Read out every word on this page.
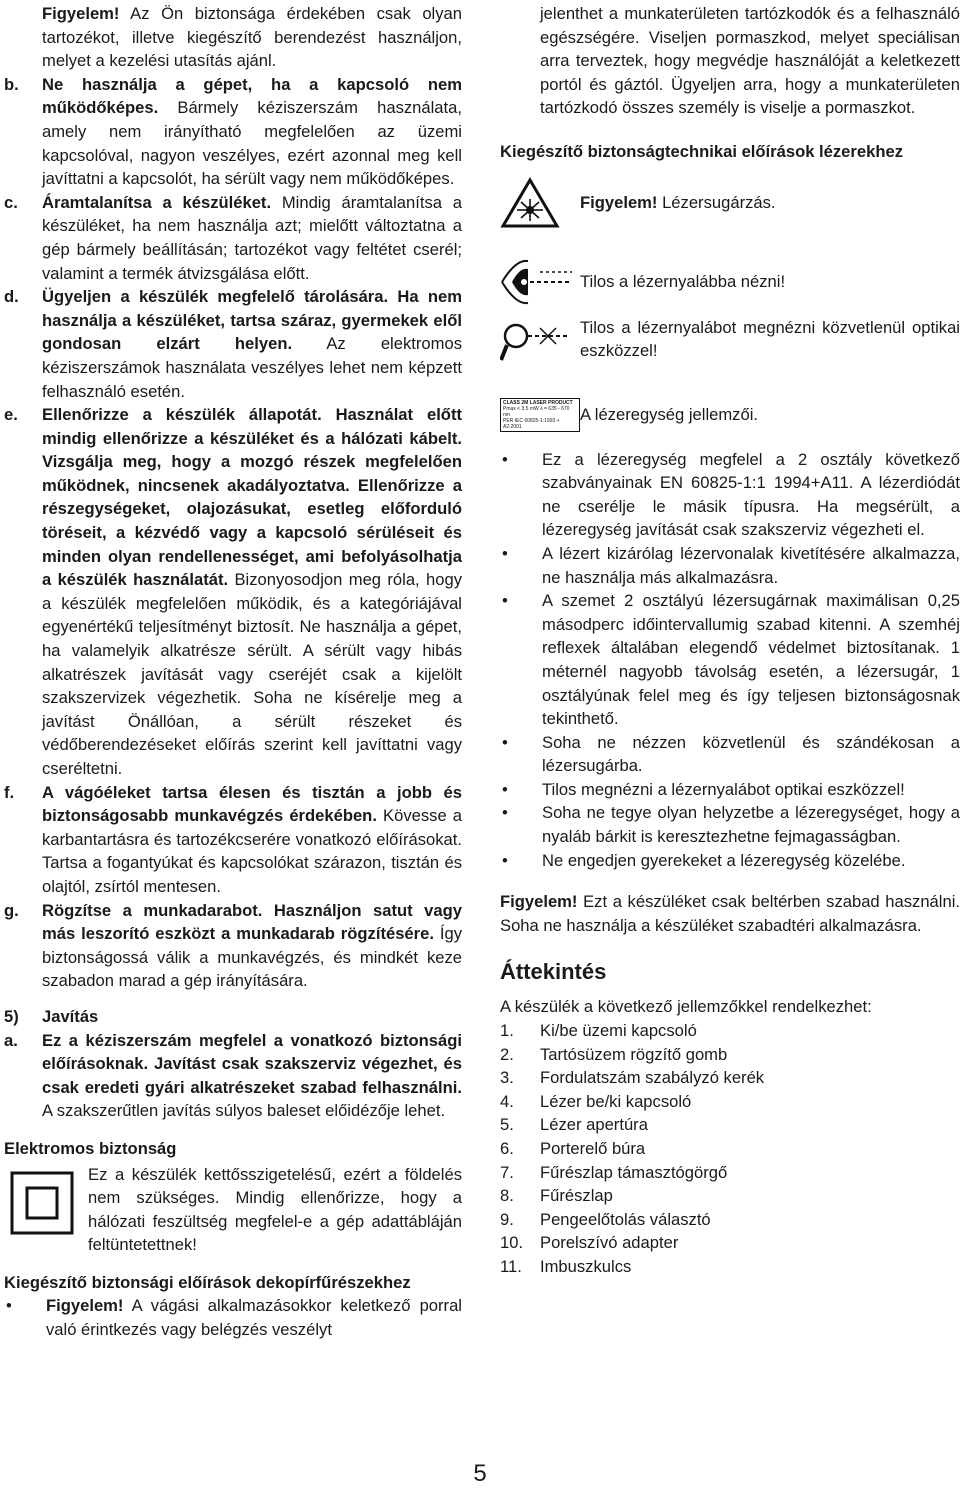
Figyelem! Az Ön biztonsága érdekében csak olyan tartozékot, illetve kiegészítő berendezést használjon, melyet a kezelési utasítás ajánl.

b.	Ne használja a gépet, ha a kapcsoló nem működőképes. Bármely kéziszerszám használata, amely nem irányítható megfelelően az üzemi kapcsolóval, nagyon veszélyes, ezért azonnal meg kell javíttatni a kapcsolót, ha sérült vagy nem működőképes.

c.	Áramtalanítsa a készüléket. Mindig áramtalanítsa a készüléket, ha nem használja azt; mielőtt változtatna a gép bármely beállításán; tartozékot vagy feltétet cserél; valamint a termék átvizsgálása előtt.

d.	Ügyeljen a készülék megfelelő tárolására. Ha nem használja a készüléket, tartsa száraz, gyermekek elől gondosan elzárt helyen. Az elektromos kéziszerszámok használata veszélyes lehet nem képzett felhasználó esetén.

e.	Ellenőrizze a készülék állapotát. Használat előtt mindig ellenőrizze a készüléket és a hálózati kábelt. Vizsgálja meg, hogy a mozgó részek megfelelően működnek, nincsenek akadályoztatva. Ellenőrizze a részegységeket, olajozásukat, esetleg előforduló töréseit, a kézvédő vagy a kapcsoló sérüléseit és minden olyan rendellenességet, ami befolyásolhatja a készülék használatát. Bizonyosodjon meg róla, hogy a készülék megfelelően működik, és a kategóriájával egyenértékű teljesítményt biztosít. Ne használja a gépet, ha valamelyik alkatrésze sérült. A sérült vagy hibás alkatrészek javítását vagy cseréjét csak a kijelölt szakszervizek végezhetik. Soha ne kísérelje meg a javítást Önállóan, a sérült részeket és védőberendezéseket előírás szerint kell javíttatni vagy cseréltetni.

f.	A vágóéleket tartsa élesen és tisztán a jobb és biztonságosabb munkavégzés érdekében. Kövesse a karbantartásra és tartozékcserére vonatkozó előírásokat. Tartsa a fogantyúkat és kapcsolókat szárazon, tisztán és olajtól, zsírtól mentesen.

g.	Rögzítse a munkadarabot. Használjon satut vagy más leszorító eszközt a munkadarab rögzítésére. Így biztonságossá válik a munkavégzés, és mindkét keze szabadon marad a gép irányítására.

5)	Javítás
a.	Ez a kéziszerszám megfelel a vonatkozó biztonsági előírásoknak. Javítást csak szakszerviz végezhet, és csak eredeti gyári alkatrészeket szabad felhasználni. A szakszerűtlen javítás súlyos baleset előidézője lehet.

Elektromos biztonság

Ez a készülék kettősszigetelésű, ezért a földelés nem szükséges. Mindig ellenőrizze, hogy a hálózati feszültség megfelel-e a gép adattábláján feltüntetettnek!

Kiegészítő biztonsági előírások dekopírfűrészekhez

•	Figyelem! A vágási alkalmazásokkor keletkező porral való érintkezés vagy belégzés veszélyt

jelenthet a munkaterületen tartózkodók és a felhasználó egészségére. Viseljen pormaszkod, melyet speciálisan arra terveztek, hogy megvédje használóját a keletkezett portól és gáztól. Ügyeljen arra, hogy a munkaterületen tartózkodó összes személy is viselje a pormaszkot.

Kiegészítő biztonságtechnikai előírások lézerekhez

Figyelem! Lézersugárzás.

Tilos a lézernyalábba nézni!

Tilos a lézernyalábot megnézni közvetlenül optikai eszközzel!

CLASS 2M LASER PRODUCT
Pmax < 3.5 mW λ = 635 - 670 nm
PER IEC 60825-1:1993 + A2:2001

A lézeregység jellemzői.

•	Ez a lézeregység megfelel a 2 osztály következő szabványainak EN 60825-1:1 1994+A11. A lézerdiódát ne cserélje le másik típusra. Ha megsérült, a lézeregység javítását csak szakszerviz végezheti el.

•	A lézert kizárólag lézervonalak kivetítésére alkalmazza, ne használja más alkalmazásra.

•	A szemet 2 osztályú lézersugárnak maximálisan 0,25 másodperc időintervallumig szabad kitenni. A szemhéj reflexek általában elegendő védelmet biztosítanak. 1 méternél nagyobb távolság esetén, a lézersugár, 1 osztályúnak felel meg és így teljesen biztonságosnak tekinthető.

•	Soha ne nézzen közvetlenül és szándékosan a lézersugárba.

•	Tilos megnézni a lézernyalábot optikai eszközzel!

•	Soha ne tegye olyan helyzetbe a lézeregységet, hogy a nyaláb bárkit is keresztezhetne fejmagasságban.

•	Ne engedjen gyerekeket a lézeregység közelébe.

Figyelem! Ezt a készüléket csak beltérben szabad használni. Soha ne használja a készüléket szabadtéri alkalmazásra.

Áttekintés

A készülék a következő jellemzőkkel rendelkezhet:

1.	Ki/be üzemi kapcsoló
2.	Tartósüzem rögzítő gomb
3.	Fordulatszám szabályzó kerék
4.	Lézer be/ki kapcsoló
5.	Lézer apertúra
6.	Porterelő búra
7.	Fűrészlap támasztógörgő
8.	Fűrészlap
9.	Pengeelőtolás választó
10.	Porelszívó adapter
11.	Imbuszkulcs
5
